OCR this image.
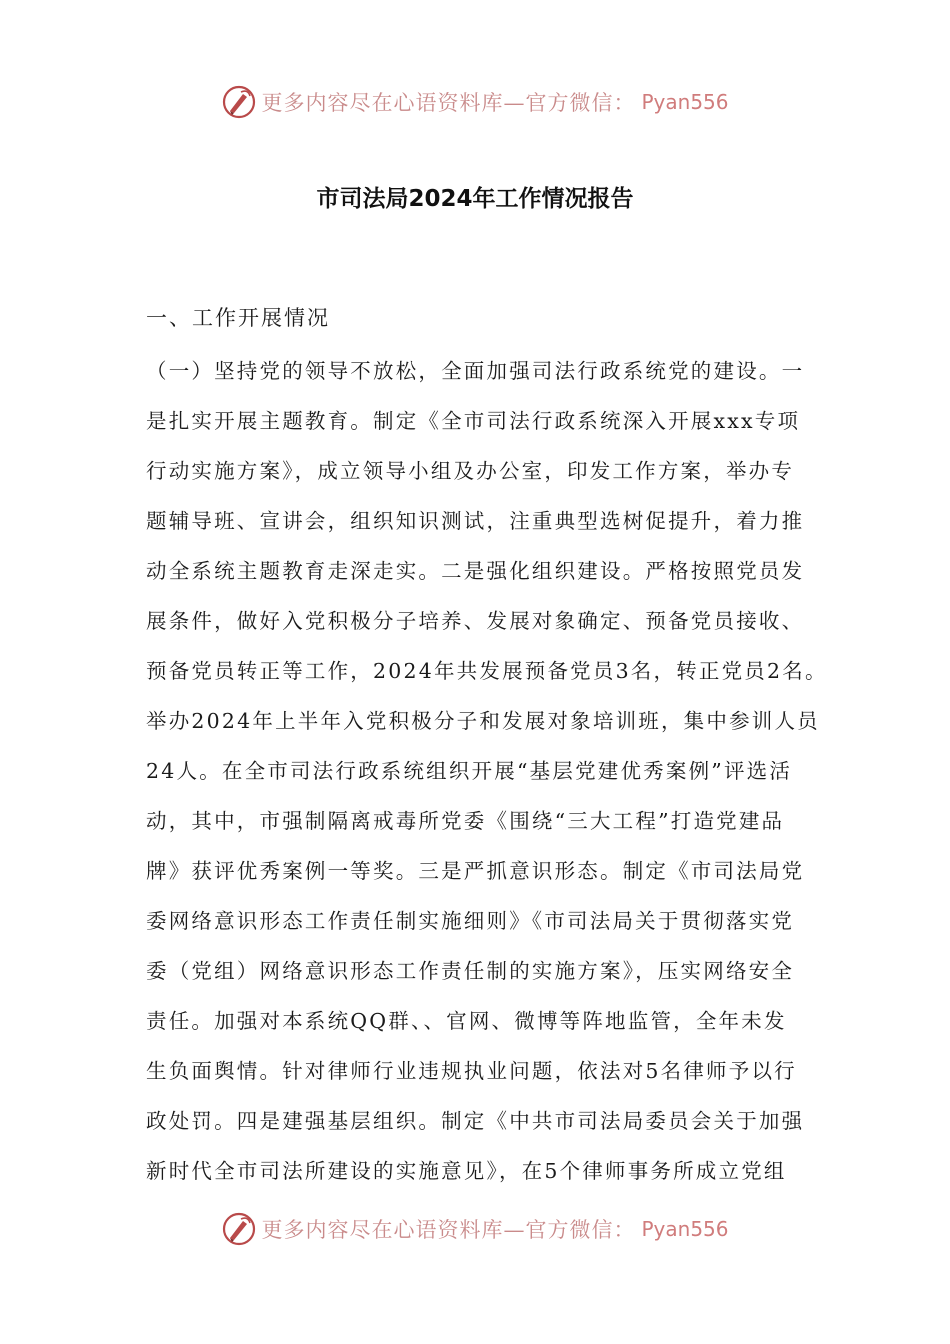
更多内容尽在心语资料库—官方微信： Pyan556
市司法局2024年工作情况报告
一、工作开展情况
（一）坚持党的领导不放松，全面加强司法行政系统党的建设。一
是扎实开展主题教育。制定《全市司法行政系统深入开展xxx专项
行动实施方案》，成立领导小组及办公室，印发工作方案，举办专
题辅导班、宣讲会，组织知识测试，注重典型选树促提升，着力推
动全系统主题教育走深走实。二是强化组织建设。严格按照党员发
展条件，做好入党积极分子培养、发展对象确定、预备党员接收、
预备党员转正等工作，2024年共发展预备党员3名，转正党员2名。
举办2024年上半年入党积极分子和发展对象培训班，集中参训人员
24人。在全市司法行政系统组织开展“基层党建优秀案例”评选活
动，其中，市强制隔离戒毒所党委《围绕“三大工程”打造党建品
牌》获评优秀案例一等奖。三是严抓意识形态。制定《市司法局党
委网络意识形态工作责任制实施细则》《市司法局关于贯彻落实党
委（党组）网络意识形态工作责任制的实施方案》，压实网络安全
责任。加强对本系统QQ群、、官网、微博等阵地监管，全年未发
生负面舆情。针对律师行业违规执业问题，依法对5名律师予以行
政处罚。四是建强基层组织。制定《中共市司法局委员会关于加强
新时代全市司法所建设的实施意见》，在5个律师事务所成立党组
更多内容尽在心语资料库—官方微信： Pyan556
